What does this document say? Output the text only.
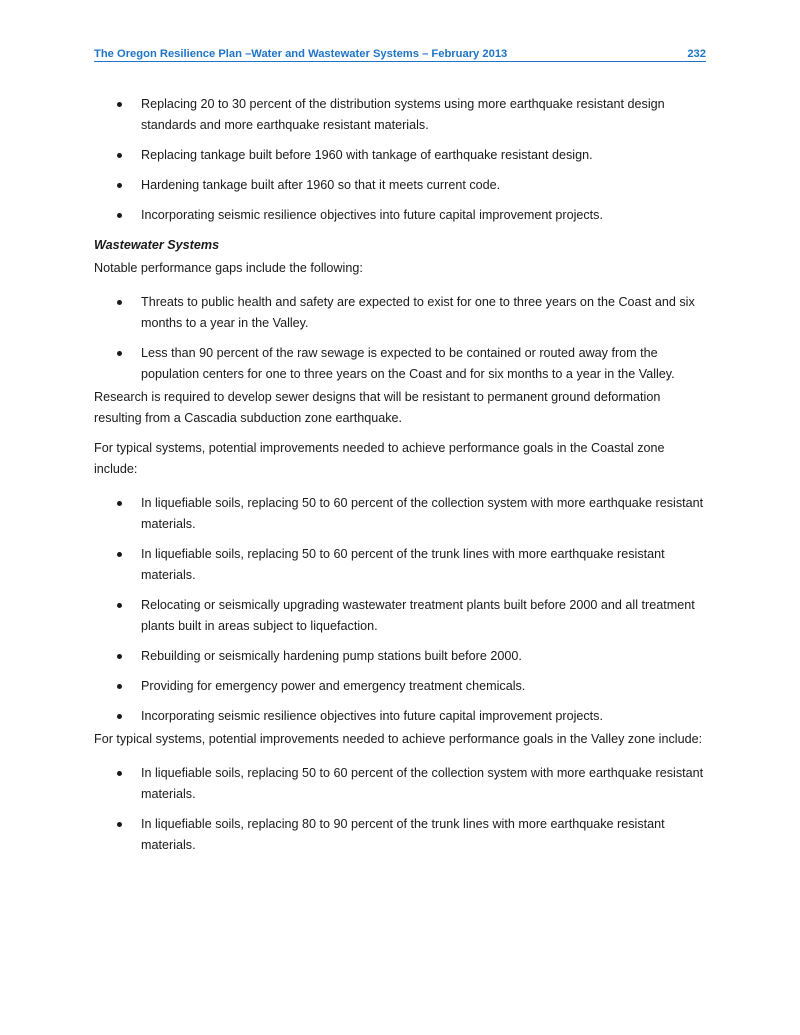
The Oregon Resilience Plan –Water and Wastewater Systems – February 2013	232
Replacing 20 to 30 percent of the distribution systems using more earthquake resistant design standards and more earthquake resistant materials.
Replacing tankage built before 1960 with tankage of earthquake resistant design.
Hardening tankage built after 1960 so that it meets current code.
Incorporating seismic resilience objectives into future capital improvement projects.

Wastewater Systems

Notable performance gaps include the following:

Threats to public health and safety are expected to exist for one to three years on the Coast and six months to a year in the Valley.
Less than 90 percent of the raw sewage is expected to be contained or routed away from the population centers for one to three years on the Coast and for six months to a year in the Valley.

Research is required to develop sewer designs that will be resistant to permanent ground deformation resulting from a Cascadia subduction zone earthquake.

For typical systems, potential improvements needed to achieve performance goals in the Coastal zone include:

In liquefiable soils, replacing 50 to 60 percent of the collection system with more earthquake resistant materials.
In liquefiable soils, replacing 50 to 60 percent of the trunk lines with more earthquake resistant materials.
Relocating or seismically upgrading wastewater treatment plants built before 2000 and all treatment plants built in areas subject to liquefaction.
Rebuilding or seismically hardening pump stations built before 2000.
Providing for emergency power and emergency treatment chemicals.
Incorporating seismic resilience objectives into future capital improvement projects.

For typical systems, potential improvements needed to achieve performance goals in the Valley zone include:

In liquefiable soils, replacing 50 to 60 percent of the collection system with more earthquake resistant materials.
In liquefiable soils, replacing 80 to 90 percent of the trunk lines with more earthquake resistant materials.
